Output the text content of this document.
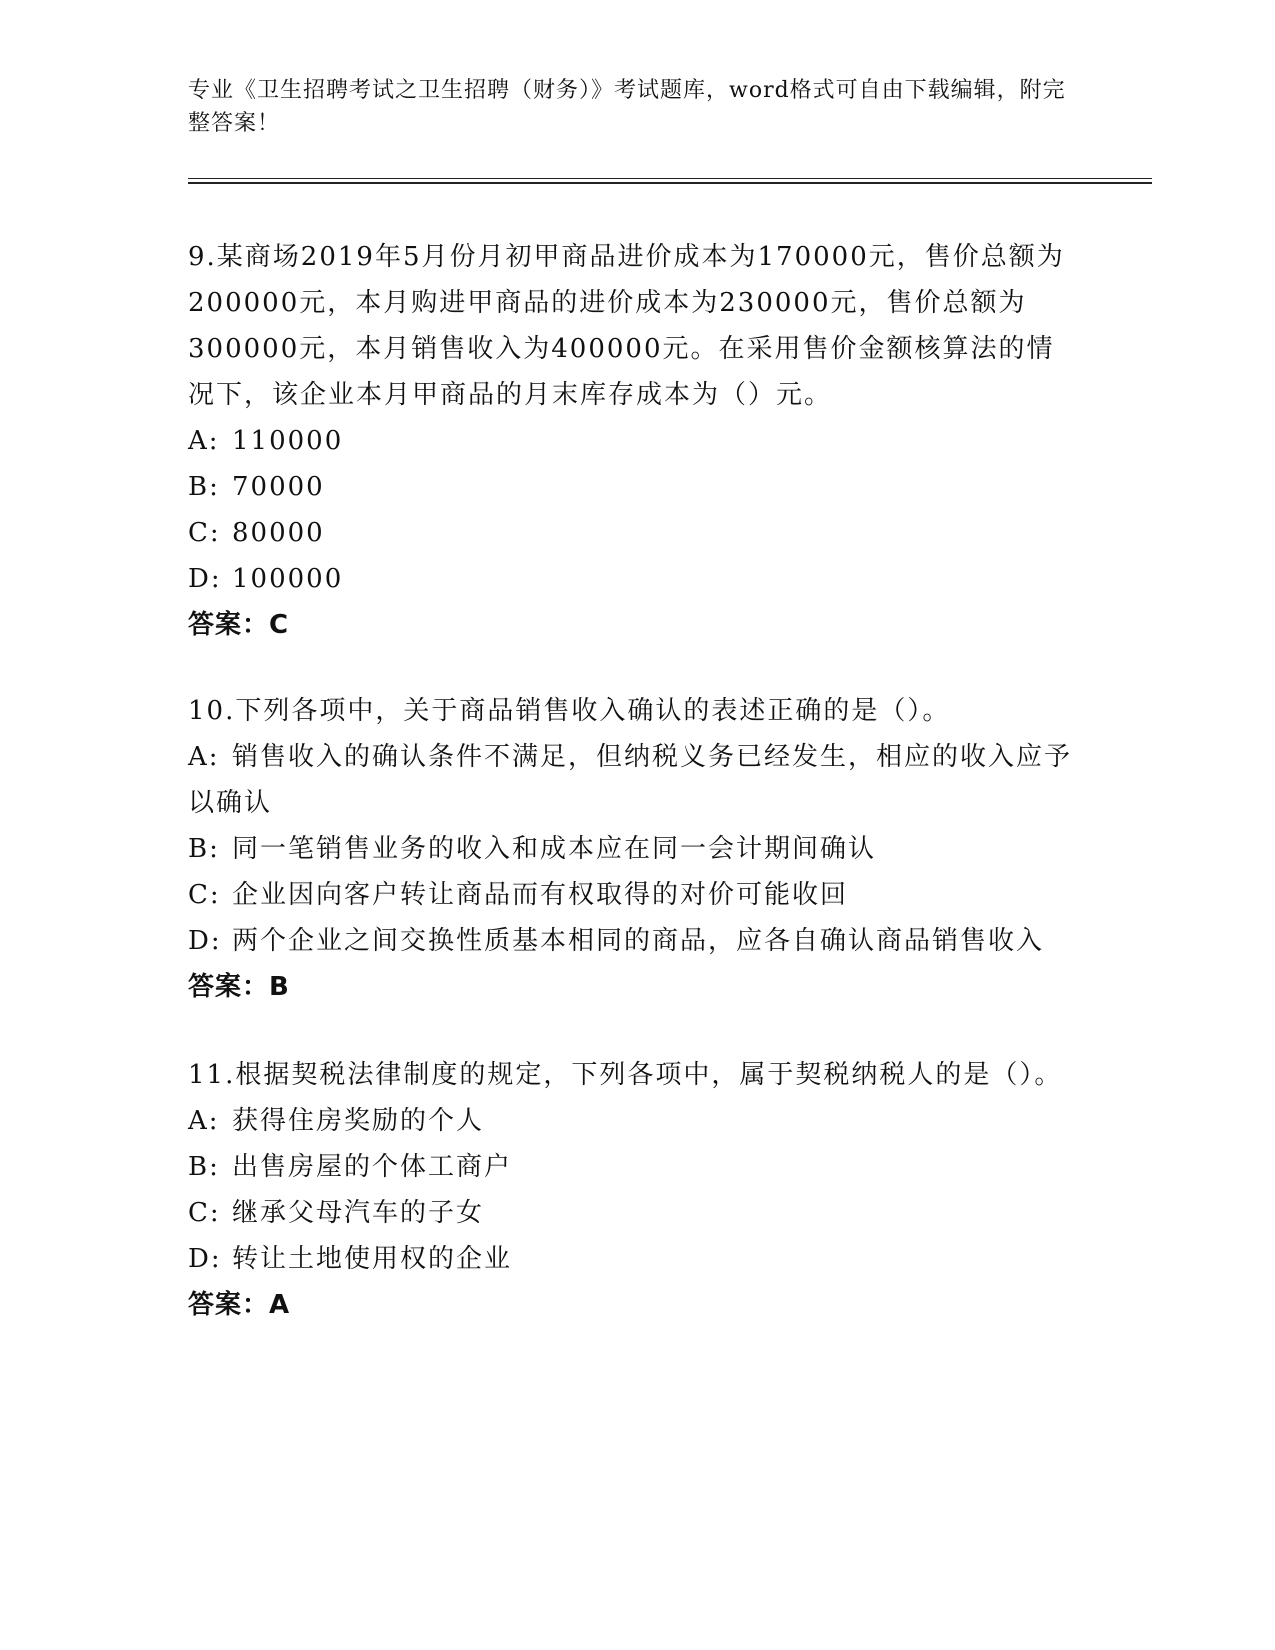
专业《卫生招聘考试之卫生招聘（财务）》考试题库，word格式可自由下载编辑，附完整答案！
9.某商场2019年5月份月初甲商品进价成本为170000元，售价总额为200000元，本月购进甲商品的进价成本为230000元，售价总额为300000元，本月销售收入为400000元。在采用售价金额核算法的情况下，该企业本月甲商品的月末库存成本为（）元。
A: 110000
B: 70000
C: 80000
D: 100000
答案：C
10.下列各项中，关于商品销售收入确认的表述正确的是（）。
A: 销售收入的确认条件不满足，但纳税义务已经发生，相应的收入应予以确认
B: 同一笔销售业务的收入和成本应在同一会计期间确认
C: 企业因向客户转让商品而有权取得的对价可能收回
D: 两个企业之间交换性质基本相同的商品，应各自确认商品销售收入
答案：B
11.根据契税法律制度的规定，下列各项中，属于契税纳税人的是（）。
A: 获得住房奖励的个人
B: 出售房屋的个体工商户
C: 继承父母汽车的子女
D: 转让土地使用权的企业
答案：A
